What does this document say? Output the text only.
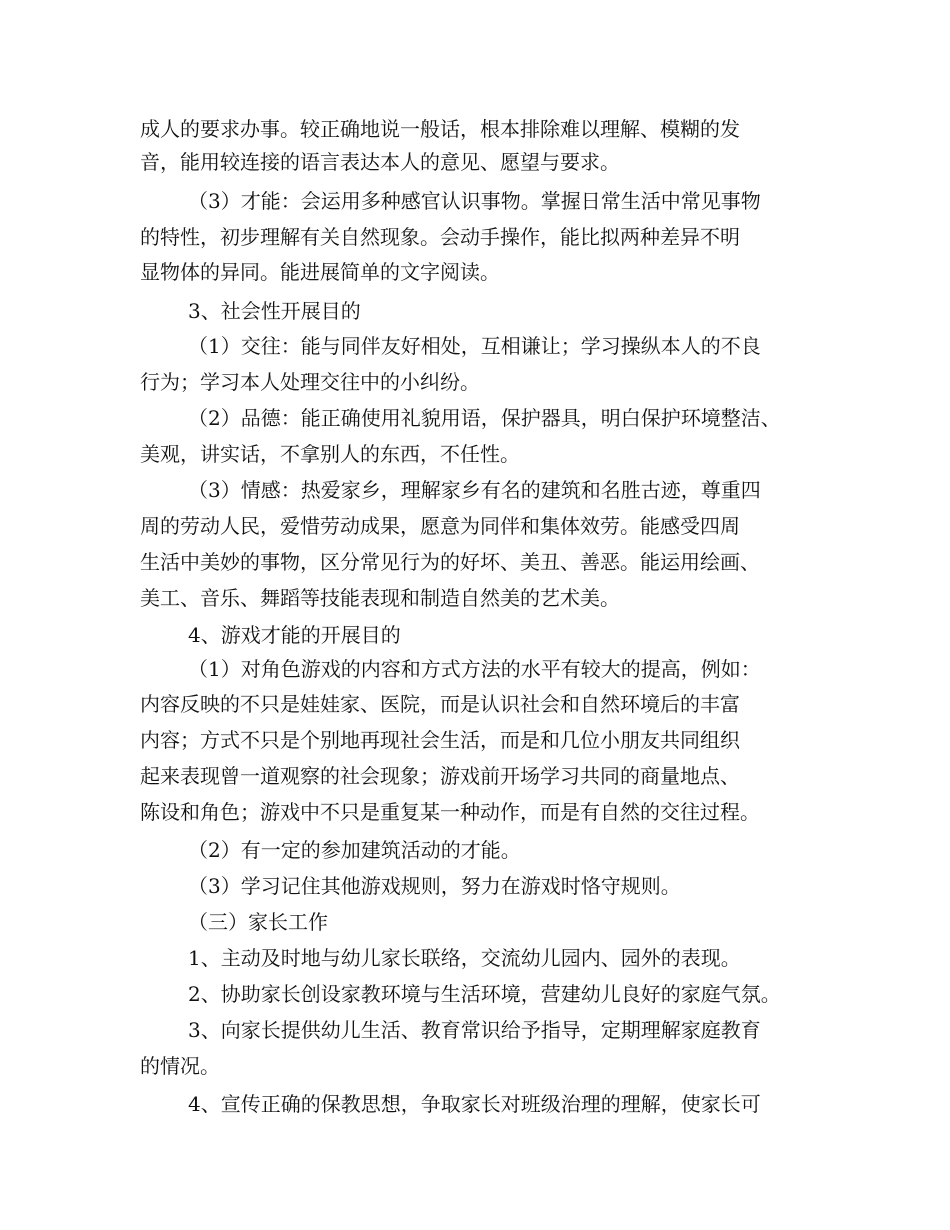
成人的要求办事。较正确地说一般话，根本排除难以理解、模糊的发
音，能用较连接的语言表达本人的意见、愿望与要求。
（3）才能：会运用多种感官认识事物。掌握日常生活中常见事物
的特性，初步理解有关自然现象。会动手操作，能比拟两种差异不明
显物体的异同。能进展简单的文字阅读。
3、社会性开展目的
（1）交往：能与同伴友好相处，互相谦让；学习操纵本人的不良
行为；学习本人处理交往中的小纠纷。
（2）品德：能正确使用礼貌用语，保护器具，明白保护环境整洁、
美观，讲实话，不拿别人的东西，不任性。
（3）情感：热爱家乡，理解家乡有名的建筑和名胜古迹，尊重四
周的劳动人民，爱惜劳动成果，愿意为同伴和集体效劳。能感受四周
生活中美妙的事物，区分常见行为的好坏、美丑、善恶。能运用绘画、
美工、音乐、舞蹈等技能表现和制造自然美的艺术美。
4、游戏才能的开展目的
（1）对角色游戏的内容和方式方法的水平有较大的提高，例如：
内容反映的不只是娃娃家、医院，而是认识社会和自然环境后的丰富
内容；方式不只是个别地再现社会生活，而是和几位小朋友共同组织
起来表现曾一道观察的社会现象；游戏前开场学习共同的商量地点、
陈设和角色；游戏中不只是重复某一种动作，而是有自然的交往过程。
（2）有一定的参加建筑活动的才能。
（3）学习记住其他游戏规则，努力在游戏时恪守规则。
（三）家长工作
1、主动及时地与幼儿家长联络，交流幼儿园内、园外的表现。
2、协助家长创设家教环境与生活环境，营建幼儿良好的家庭气氛。
3、向家长提供幼儿生活、教育常识给予指导，定期理解家庭教育
的情况。
4、宣传正确的保教思想，争取家长对班级治理的理解，使家长可
